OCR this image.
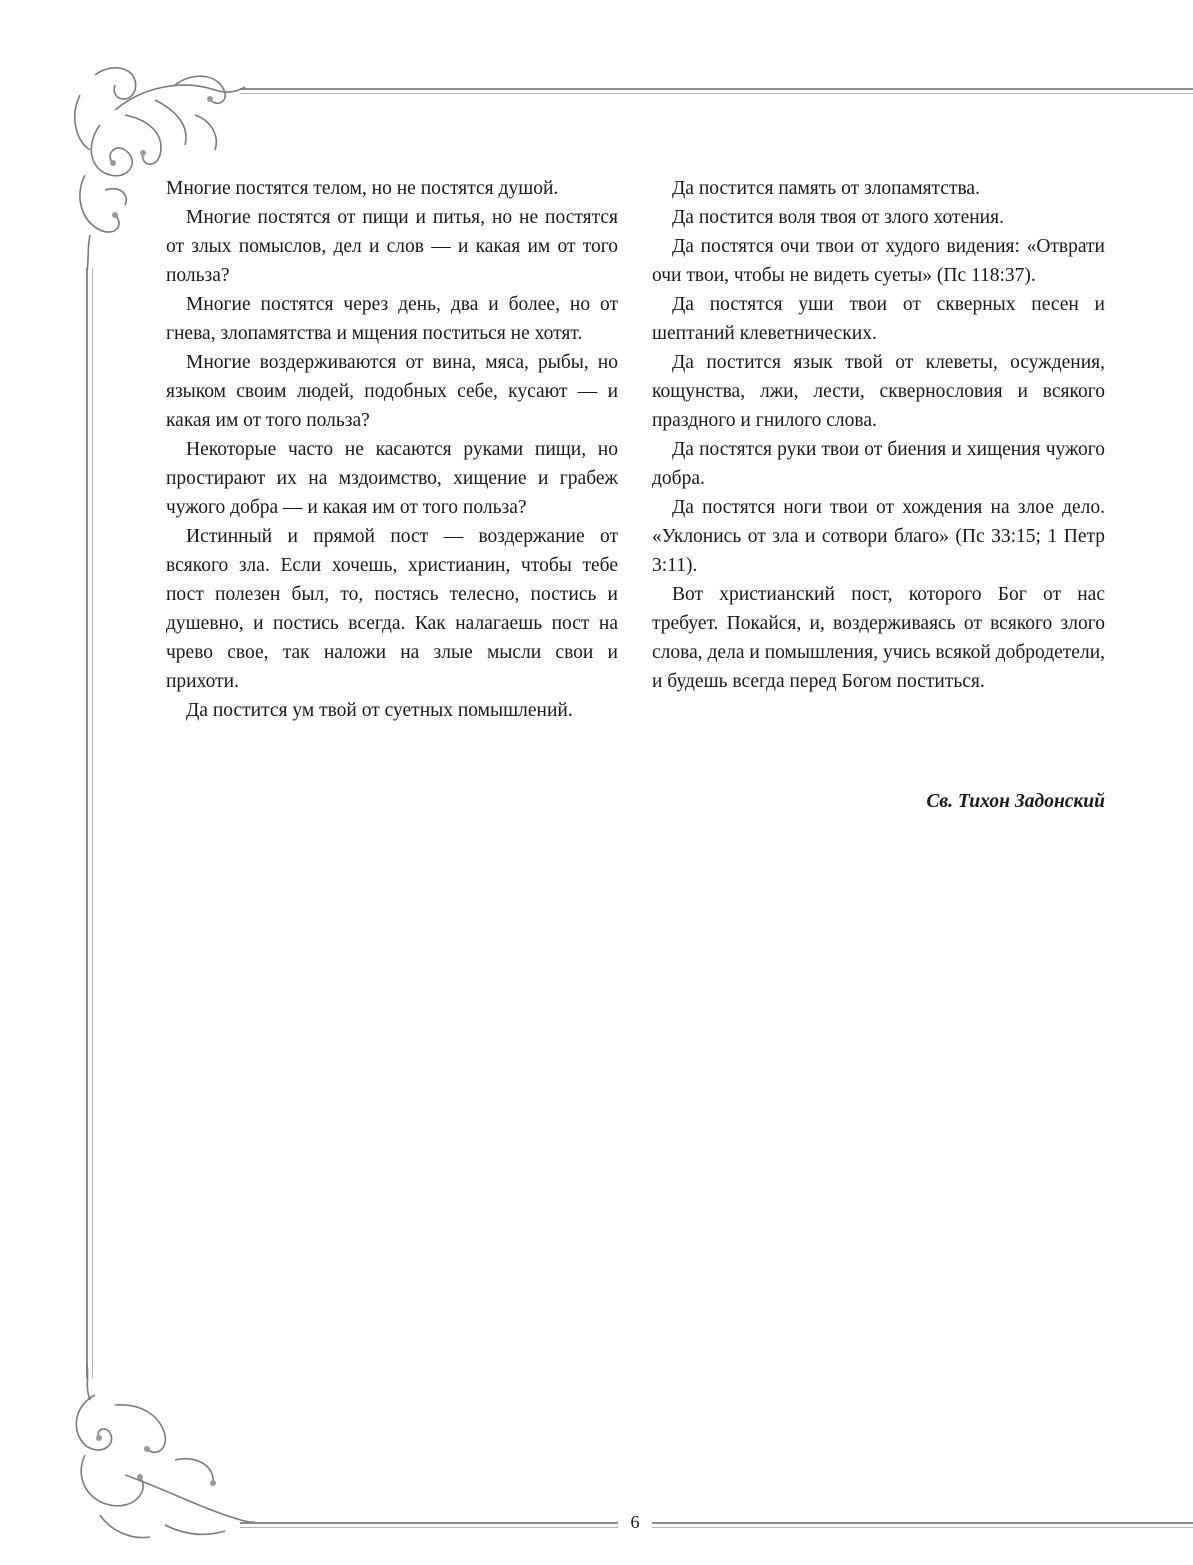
Многие постятся телом, но не постятся душой.

Многие постятся от пищи и питья, но не постятся от злых помыслов, дел и слов — и какая им от того польза?

Многие постятся через день, два и более, но от гнева, злопамятства и мщения поститься не хотят.

Многие воздерживаются от вина, мяса, рыбы, но языком своим людей, подобных себе, кусают — и какая им от того польза?

Некоторые часто не касаются руками пищи, но простирают их на мздоимство, хищение и грабеж чужого добра — и какая им от того польза?

Истинный и прямой пост — воздержание от всякого зла. Если хочешь, христианин, чтобы тебе пост полезен был, то, постясь телесно, постись и душевно, и постись всегда. Как налагаешь пост на чрево свое, так наложи на злые мысли свои и прихоти.

Да постится ум твой от суетных помышлений.

Да постится память от злопамятства.

Да постится воля твоя от злого хотения.

Да постятся очи твои от худого видения: «Отврати очи твои, чтобы не видеть суеты» (Пс 118:37).

Да постятся уши твои от скверных песен и шептаний клеветнических.

Да постится язык твой от клеветы, осуждения, кощунства, лжи, лести, сквернословия и всякого праздного и гнилого слова.

Да постятся руки твои от биения и хищения чужого добра.

Да постятся ноги твои от хождения на злое дело. «Уклонись от зла и сотвори благо» (Пс 33:15; 1 Петр 3:11).

Вот христианский пост, которого Бог от нас требует. Покайся, и, воздерживаясь от всякого злого слова, дела и помышления, учись всякой добродетели, и будешь всегда перед Богом поститься.

Св. Тихон Задонский
6
